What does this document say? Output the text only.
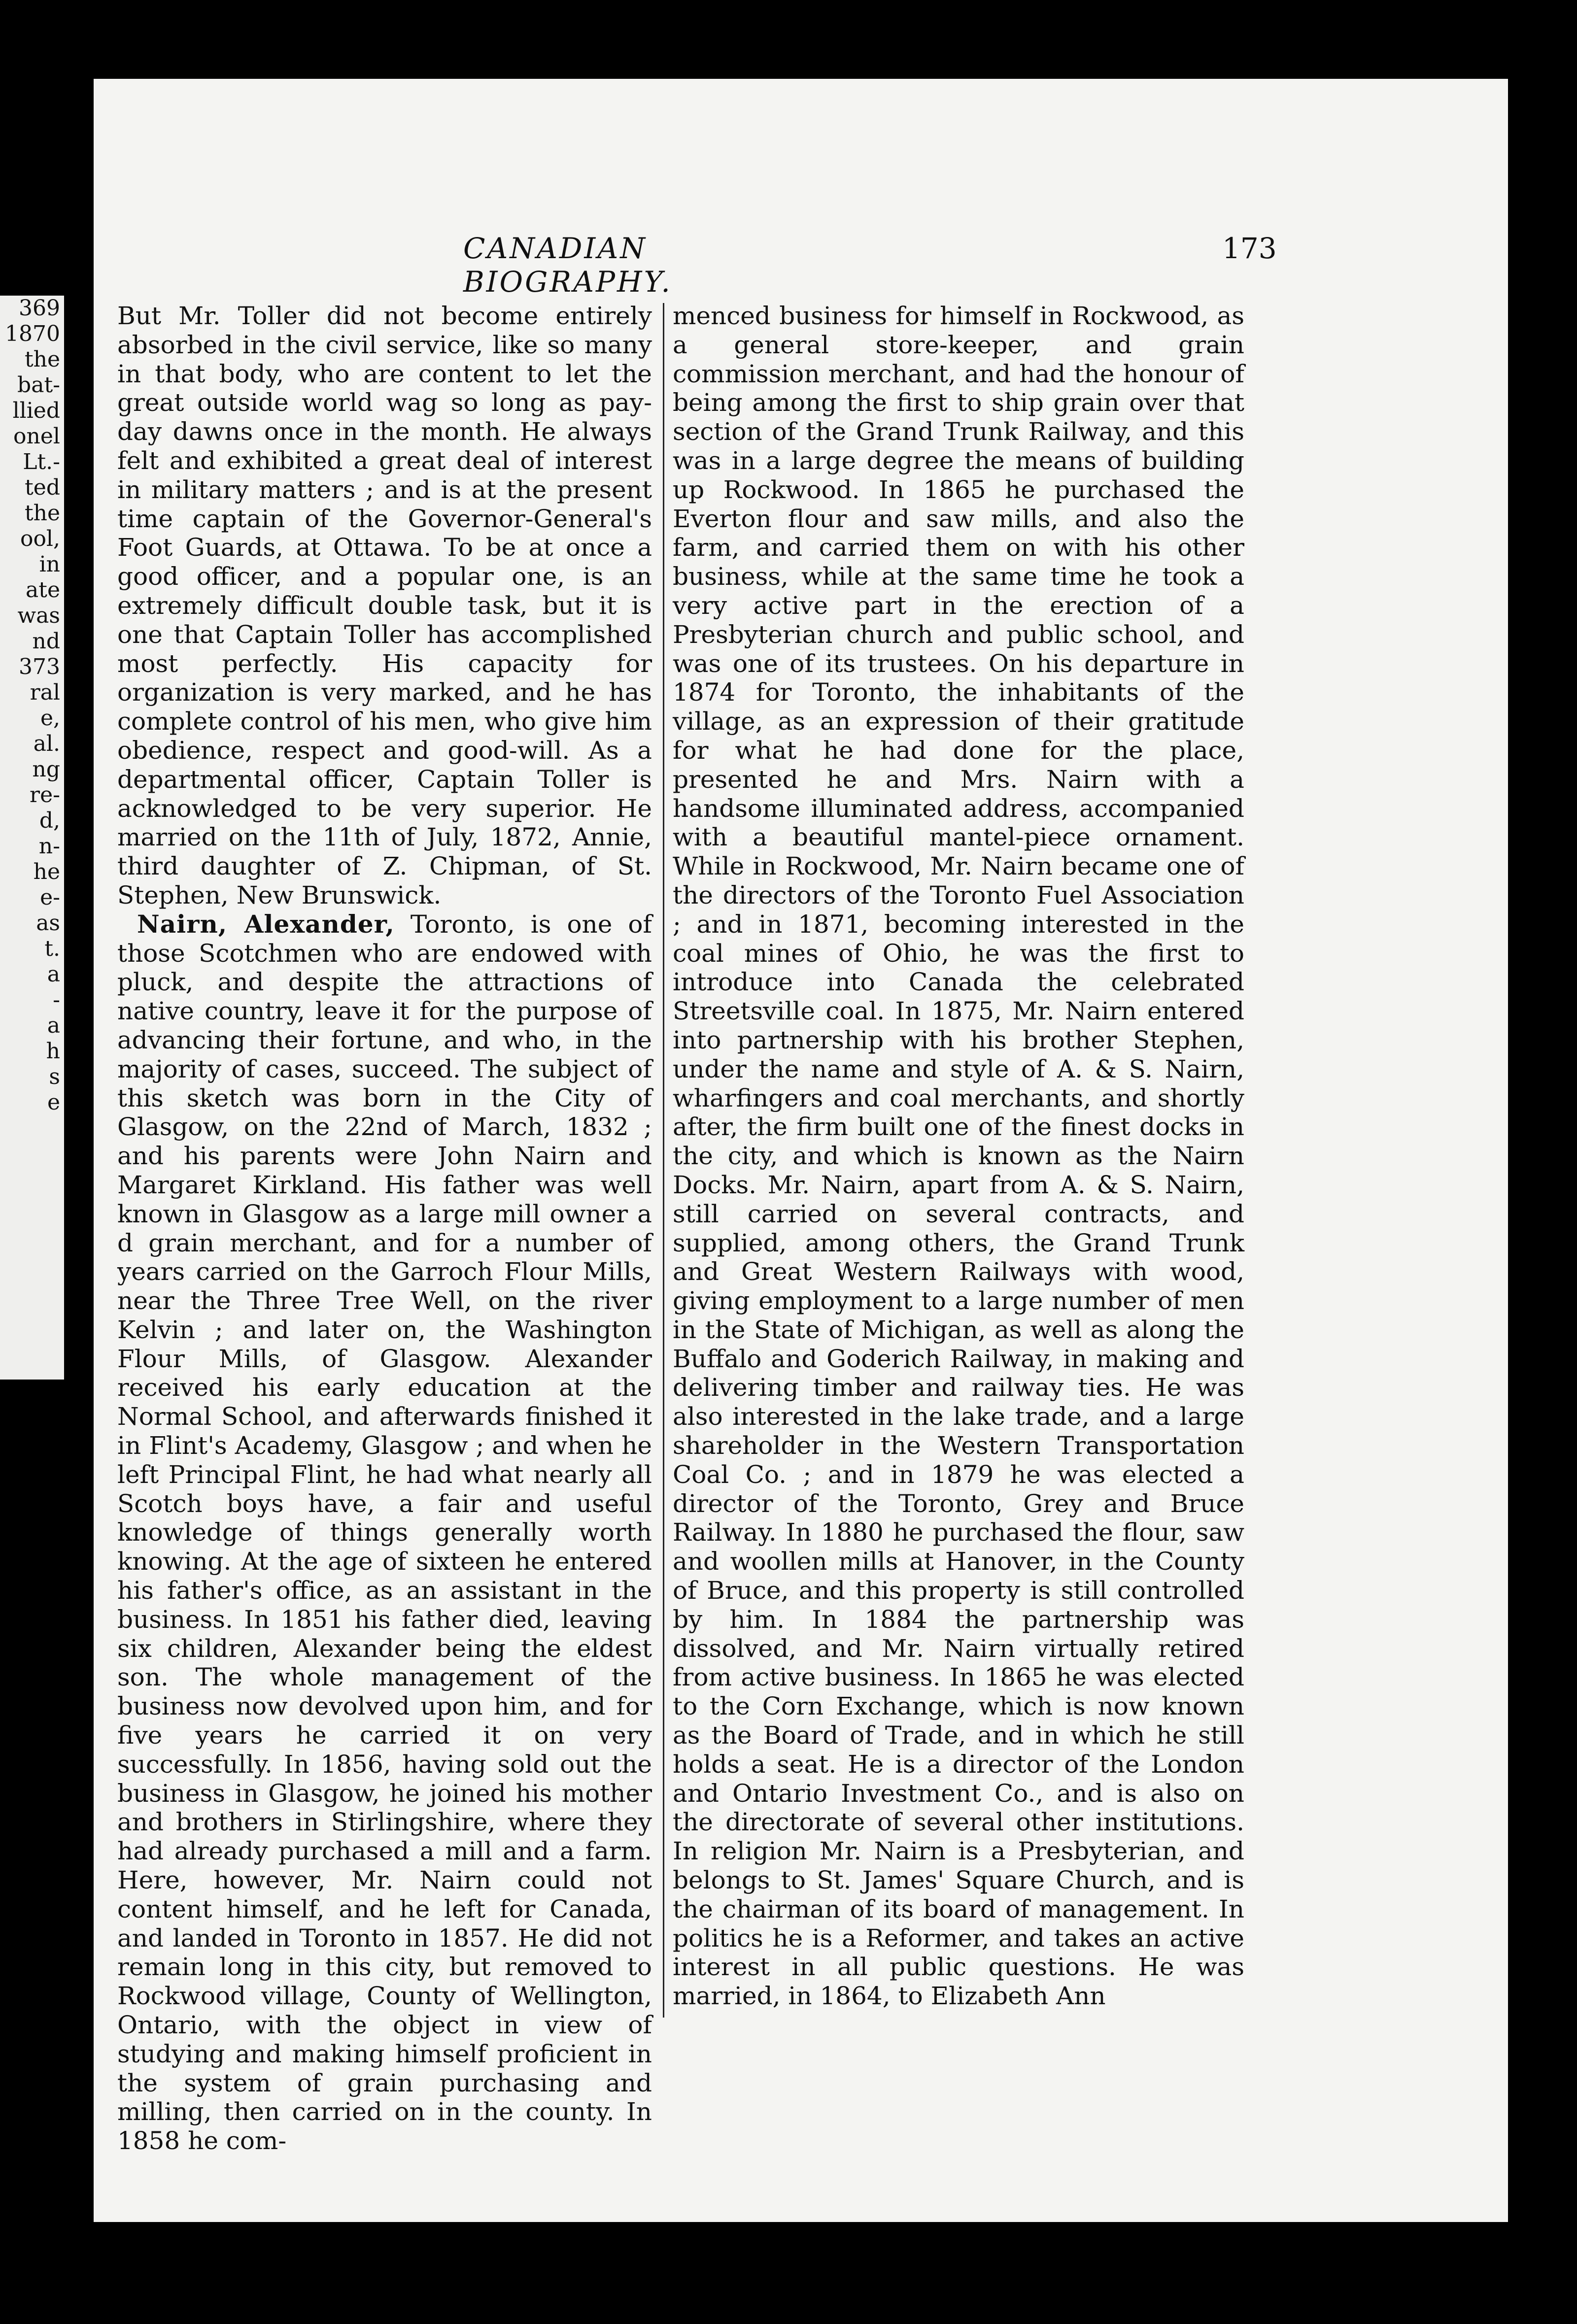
369
1870
the
bat-
llied
onel
Lt.-
ted
the
ool,
in
ate
was
nd
373
ral
e,
al.
ng
re-
d,
n-
he
e-
as
t.
a
-
a
h
s
e
CANADIAN BIOGRAPHY.
173

But Mr. Toller did not become entirely absorbed in the civil service, like so many in that body, who are content to let the great outside world wag so long as pay-day dawns once in the month. He always felt and exhibited a great deal of interest in military matters ; and is at the present time captain of the Governor-General's Foot Guards, at Ottawa. To be at once a good officer, and a popular one, is an extremely difficult double task, but it is one that Captain Toller has accomplished most perfectly. His capacity for organization is very marked, and he has complete control of his men, who give him obedience, respect and good-will. As a departmental officer, Captain Toller is acknowledged to be very superior. He married on the 11th of July, 1872, Annie, third daughter of Z. Chipman, of St. Stephen, New Brunswick.

Nairn, Alexander, Toronto, is one of those Scotchmen who are endowed with pluck, and despite the attractions of native country, leave it for the purpose of advancing their fortune, and who, in the majority of cases, succeed. The subject of this sketch was born in the City of Glasgow, on the 22nd of March, 1832 ; and his parents were John Nairn and Margaret Kirkland. His father was well known in Glasgow as a large mill owner a d grain merchant, and for a number of years carried on the Garroch Flour Mills, near the Three Tree Well, on the river Kelvin ; and later on, the Washington Flour Mills, of Glasgow. Alexander received his early education at the Normal School, and afterwards finished it in Flint's Academy, Glasgow ; and when he left Principal Flint, he had what nearly all Scotch boys have, a fair and useful knowledge of things generally worth knowing. At the age of sixteen he entered his father's office, as an assistant in the business. In 1851 his father died, leaving six children, Alexander being the eldest son. The whole management of the business now devolved upon him, and for five years he carried it on very successfully. In 1856, having sold out the business in Glasgow, he joined his mother and brothers in Stirlingshire, where they had already purchased a mill and a farm. Here, however, Mr. Nairn could not content himself, and he left for Canada, and landed in Toronto in 1857. He did not remain long in this city, but removed to Rockwood village, County of Wellington, Ontario, with the object in view of studying and making himself proficient in the system of grain purchasing and milling, then carried on in the county. In 1858 he com-

menced business for himself in Rockwood, as a general store-keeper, and grain commission merchant, and had the honour of being among the first to ship grain over that section of the Grand Trunk Railway, and this was in a large degree the means of building up Rockwood. In 1865 he purchased the Everton flour and saw mills, and also the farm, and carried them on with his other business, while at the same time he took a very active part in the erection of a Presbyterian church and public school, and was one of its trustees. On his departure in 1874 for Toronto, the inhabitants of the village, as an expression of their gratitude for what he had done for the place, presented he and Mrs. Nairn with a handsome illuminated address, accompanied with a beautiful mantel-piece ornament. While in Rockwood, Mr. Nairn became one of the directors of the Toronto Fuel Association ; and in 1871, becoming interested in the coal mines of Ohio, he was the first to introduce into Canada the celebrated Streetsville coal. In 1875, Mr. Nairn entered into partnership with his brother Stephen, under the name and style of A. & S. Nairn, wharfingers and coal merchants, and shortly after, the firm built one of the finest docks in the city, and which is known as the Nairn Docks. Mr. Nairn, apart from A. & S. Nairn, still carried on several contracts, and supplied, among others, the Grand Trunk and Great Western Railways with wood, giving employment to a large number of men in the State of Michigan, as well as along the Buffalo and Goderich Railway, in making and delivering timber and railway ties. He was also interested in the lake trade, and a large shareholder in the Western Transportation Coal Co. ; and in 1879 he was elected a director of the Toronto, Grey and Bruce Railway. In 1880 he purchased the flour, saw and woollen mills at Hanover, in the County of Bruce, and this property is still controlled by him. In 1884 the partnership was dissolved, and Mr. Nairn virtually retired from active business. In 1865 he was elected to the Corn Exchange, which is now known as the Board of Trade, and in which he still holds a seat. He is a director of the London and Ontario Investment Co., and is also on the directorate of several other institutions. In religion Mr. Nairn is a Presbyterian, and belongs to St. James' Square Church, and is the chairman of its board of management. In politics he is a Reformer, and takes an active interest in all public questions. He was married, in 1864, to Elizabeth Ann
